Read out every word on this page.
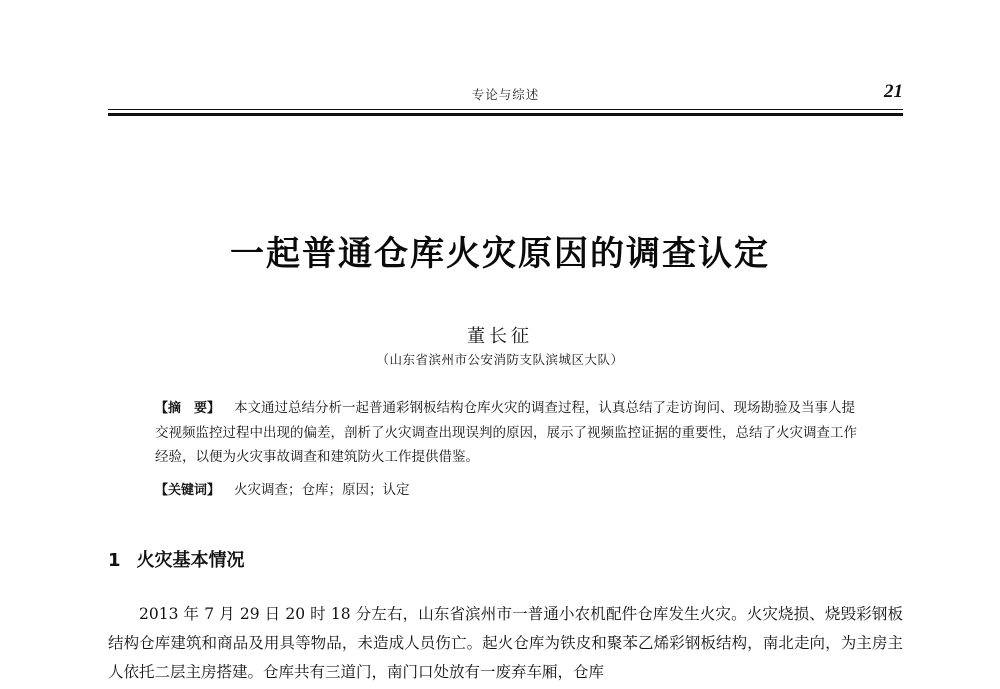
专论与综述	21
一起普通仓库火灾原因的调查认定
董长征
（山东省滨州市公安消防支队滨城区大队）

【摘　要】 本文通过总结分析一起普通彩钢板结构仓库火灾的调查过程，认真总结了走访询问、现场勘验及当事人提交视频监控过程中出现的偏差，剖析了火灾调查出现误判的原因，展示了视频监控证据的重要性，总结了火灾调查工作经验，以便为火灾事故调查和建筑防火工作提供借鉴。

【关键词】 火灾调查；仓库；原因；认定
1 火灾基本情况

2013 年 7 月 29 日 20 时 18 分左右，山东省滨州市一普通小农机配件仓库发生火灾。火灾烧损、烧毁彩钢板结构仓库建筑和商品及用具等物品，未造成人员伤亡。起火仓库为铁皮和聚苯乙烯彩钢板结构，南北走向，为主房主人依托二层主房搭建。仓库共有三道门，南门口处放有一废弃车厢，仓库
